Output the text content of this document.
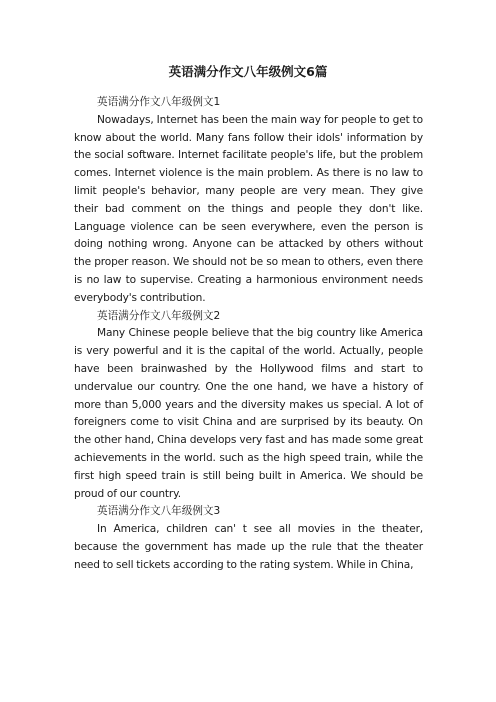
英语满分作文八年级例文6篇

英语满分作文八年级例文1

Nowadays, Internet has been the main way for people to get to know about the world. Many fans follow their idols' information by the social software. Internet facilitate people's life, but the problem comes. Internet violence is the main problem. As there is no law to limit people's behavior, many people are very mean. They give their bad comment on the things and people they don't like. Language violence can be seen everywhere, even the person is doing nothing wrong. Anyone can be attacked by others without the proper reason. We should not be so mean to others, even there is no law to supervise. Creating a harmonious environment needs everybody's contribution.

英语满分作文八年级例文2

Many Chinese people believe that the big country like America is very powerful and it is the capital of the world. Actually, people have been brainwashed by the Hollywood films and start to undervalue our country. One the one hand, we have a history of more than 5,000 years and the diversity makes us special. A lot of foreigners come to visit China and are surprised by its beauty. On the other hand, China develops very fast and has made some great achievements in the world. such as the high speed train, while the first high speed train is still being built in America. We should be proud of our country.

英语满分作文八年级例文3

In America, children can' t see all movies in the theater, because the government has made up the rule that the theater need to sell tickets according to the rating system. While in China,
